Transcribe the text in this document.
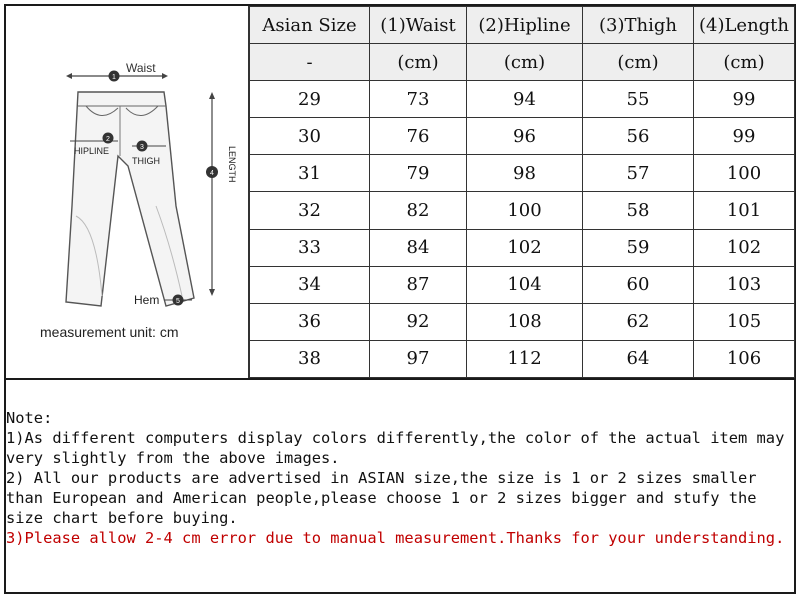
1
Waist
2
HIPLINE	3
THIGH
4 LENGTH
5
Hem
measurement unit: cm
Asian Size	(1)Waist	(2)Hipline	(3)Thigh	(4)Length
-	(cm)	(cm)	(cm)	(cm)
29	73	94	55	99
30	76	96	56	99
31	79	98	57	100
32	82	100	58	101
33	84	102	59	102
34	87	104	60	103
36	92	108	62	105
38	97	112	64	106

Note:

1)As different computers display colors differently,the color of the actual item may very slightly from the above images.

2) All our products are advertised in ASIAN size,the size is 1 or 2 sizes smaller than European and American people,please choose 1 or 2 sizes bigger and stufy the size chart before buying.

3)Please allow 2-4 cm error due to manual measurement.Thanks for your understanding.
